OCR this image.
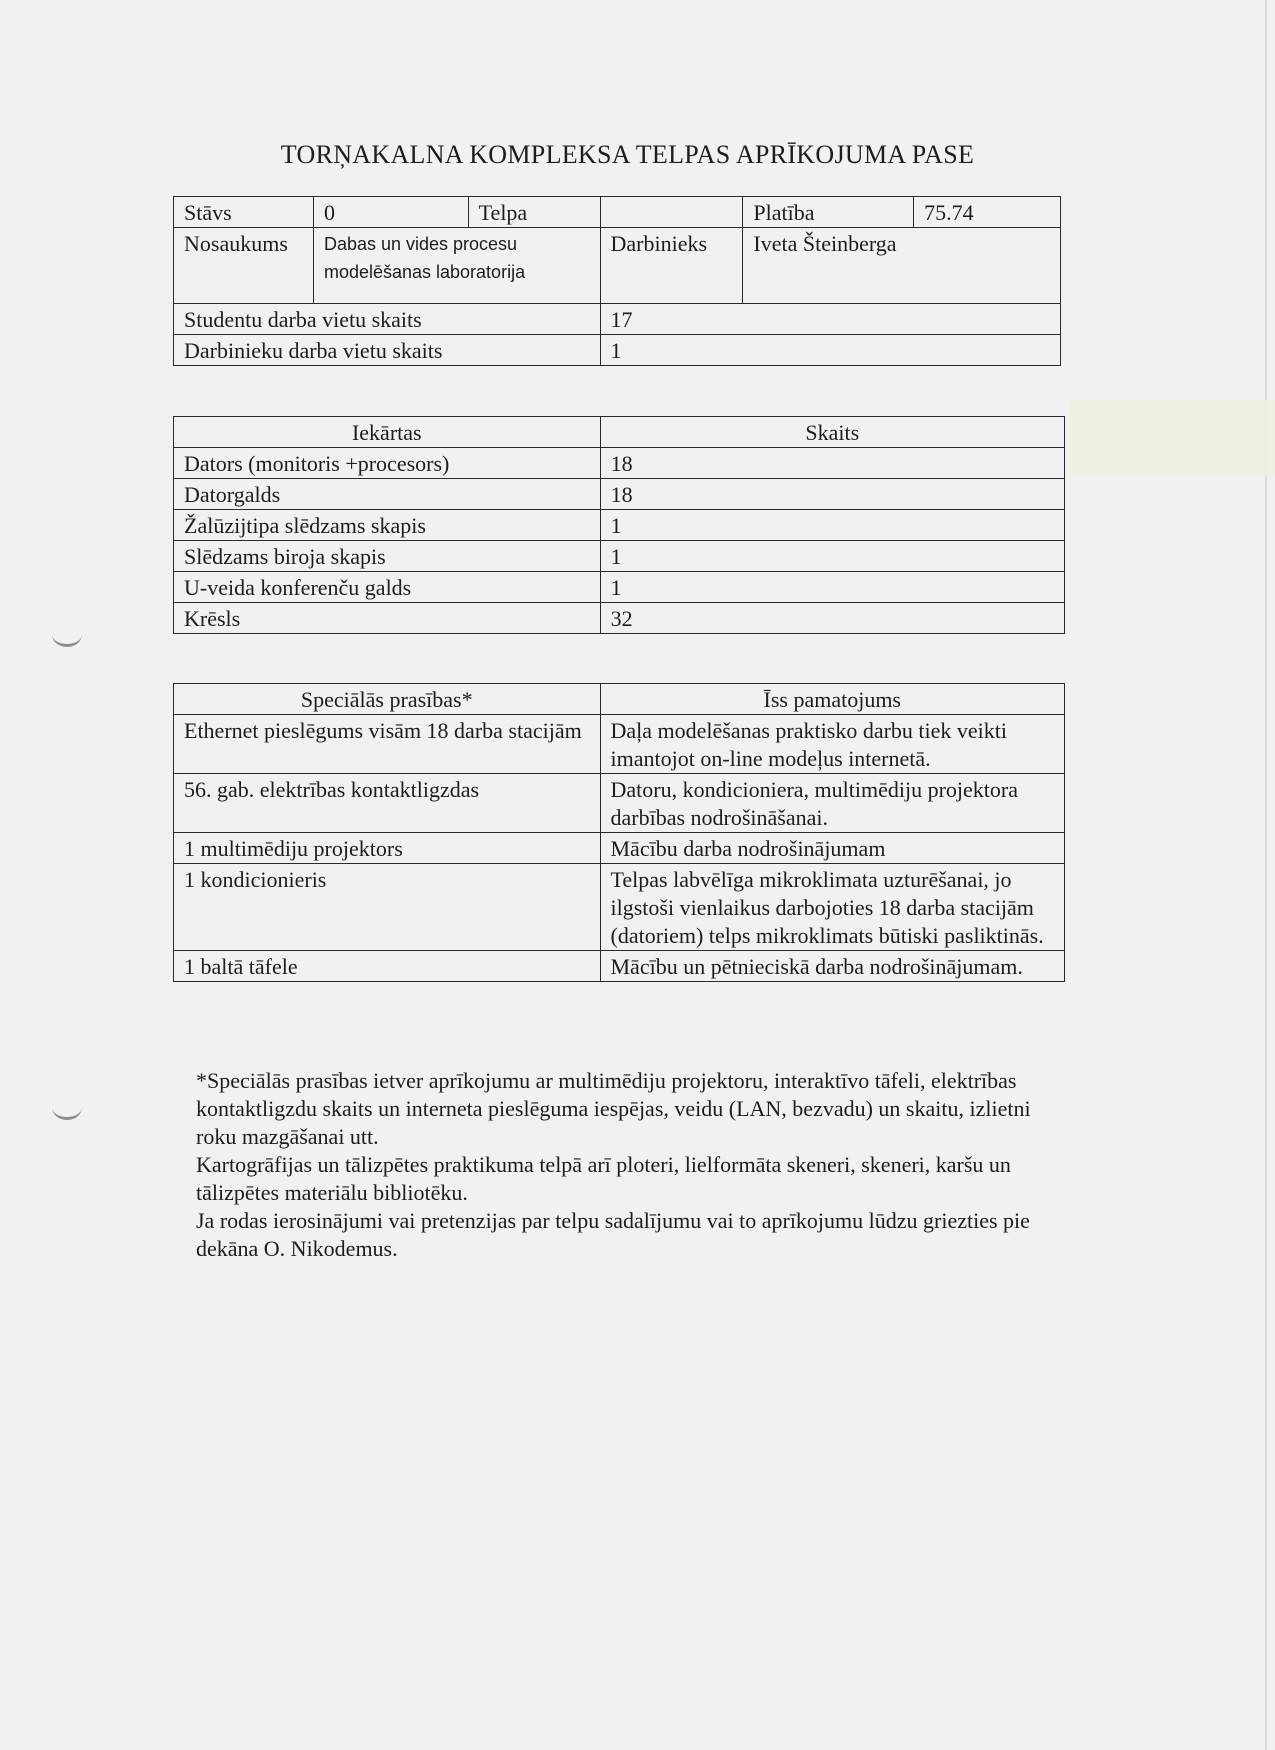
TORŅAKALNA KOMPLEKSA TELPAS APRĪKOJUMA PASE
Stāvs	0	Telpa		Platība	75.74
Nosaukums	Dabas un vides procesu modelēšanas laboratorija		Darbinieks	Iveta Šteinberga	
Studentu darba vietu skaits			17		
Darbinieku darba vietu skaits			1		
Iekārtas	Skaits
Dators (monitoris +procesors)	18
Datorgalds	18
Žalūzijtipa slēdzams skapis	1
Slēdzams biroja skapis	1
U-veida konferenču galds	1
Krēsls	32
Speciālās prasības*	Īss pamatojums
Ethernet pieslēgums visām 18 darba stacijām	Daļa modelēšanas praktisko darbu tiek veikti imantojot on-line modeļus internetā.
56. gab. elektrības kontaktligzdas	Datoru, kondicioniera, multimēdiju projektora darbības nodrošināšanai.
1 multimēdiju projektors	Mācību darba nodrošinājumam
1 kondicionieris	Telpas labvēlīga mikroklimata uzturēšanai, jo ilgstoši vienlaikus darbojoties 18 darba stacijām (datoriem) telps mikroklimats būtiski pasliktinās.
1 baltā tāfele	Mācību un pētnieciskā darba nodrošinājumam.

*Speciālās prasības ietver aprīkojumu ar multimēdiju projektoru, interaktīvo tāfeli, elektrības kontaktligzdu skaits un interneta pieslēguma iespējas, veidu (LAN, bezvadu) un skaitu, izlietni roku mazgāšanai utt.

Kartogrāfijas un tālizpētes praktikuma telpā arī ploteri, lielformāta skeneri, skeneri, karšu un tālizpētes materiālu bibliotēku.

Ja rodas ierosinājumi vai pretenzijas par telpu sadalījumu vai to aprīkojumu lūdzu griezties pie dekāna O. Nikodemus.
